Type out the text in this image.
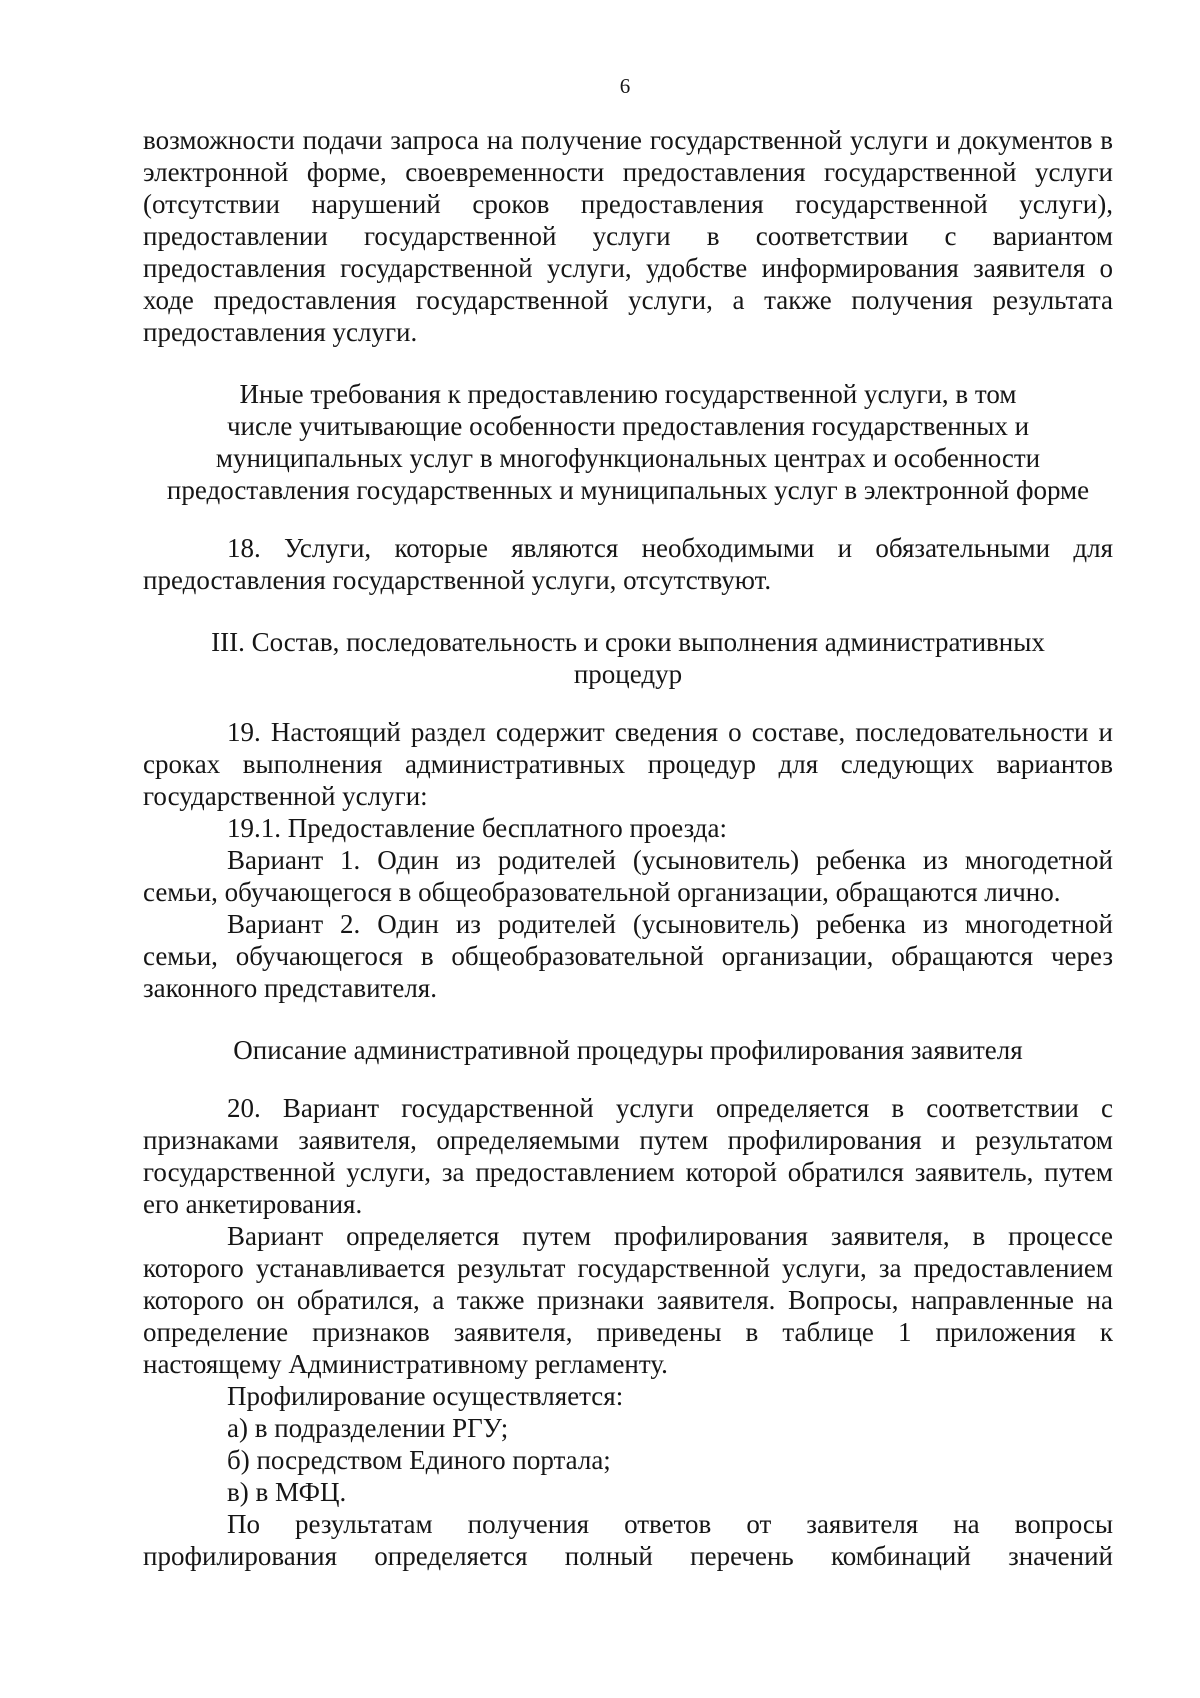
6

возможности подачи запроса на получение государственной услуги и документов в электронной форме, своевременности предоставления государственной услуги (отсутствии нарушений сроков предоставления государственной услуги), предоставлении государственной услуги в соответствии с вариантом предоставления государственной услуги, удобстве информирования заявителя о ходе предоставления государственной услуги, а также получения результата предоставления услуги.

Иные требования к предоставлению государственной услуги, в том
числе учитывающие особенности предоставления государственных и
муниципальных услуг в многофункциональных центрах и особенности
предоставления государственных и муниципальных услуг в электронной форме

18. Услуги, которые являются необходимыми и обязательными для предоставления государственной услуги, отсутствуют.

III. Состав, последовательность и сроки выполнения административных
процедур

19. Настоящий раздел содержит сведения о составе, последовательности и сроках выполнения административных процедур для следующих вариантов государственной услуги:

19.1. Предоставление бесплатного проезда:

Вариант 1. Один из родителей (усыновитель) ребенка из многодетной семьи, обучающегося в общеобразовательной организации, обращаются лично.

Вариант 2. Один из родителей (усыновитель) ребенка из многодетной семьи, обучающегося в общеобразовательной организации, обращаются через законного представителя.

Описание административной процедуры профилирования заявителя

20. Вариант государственной услуги определяется в соответствии с признаками заявителя, определяемыми путем профилирования и результатом государственной услуги, за предоставлением которой обратился заявитель, путем его анкетирования.

Вариант определяется путем профилирования заявителя, в процессе которого устанавливается результат государственной услуги, за предоставлением которого он обратился, а также признаки заявителя. Вопросы, направленные на определение признаков заявителя, приведены в таблице 1 приложения к настоящему Административному регламенту.

Профилирование осуществляется:

а) в подразделении РГУ;

б) посредством Единого портала;

в) в МФЦ.

По результатам получения ответов от заявителя на вопросы профилирования определяется полный перечень комбинаций значений
